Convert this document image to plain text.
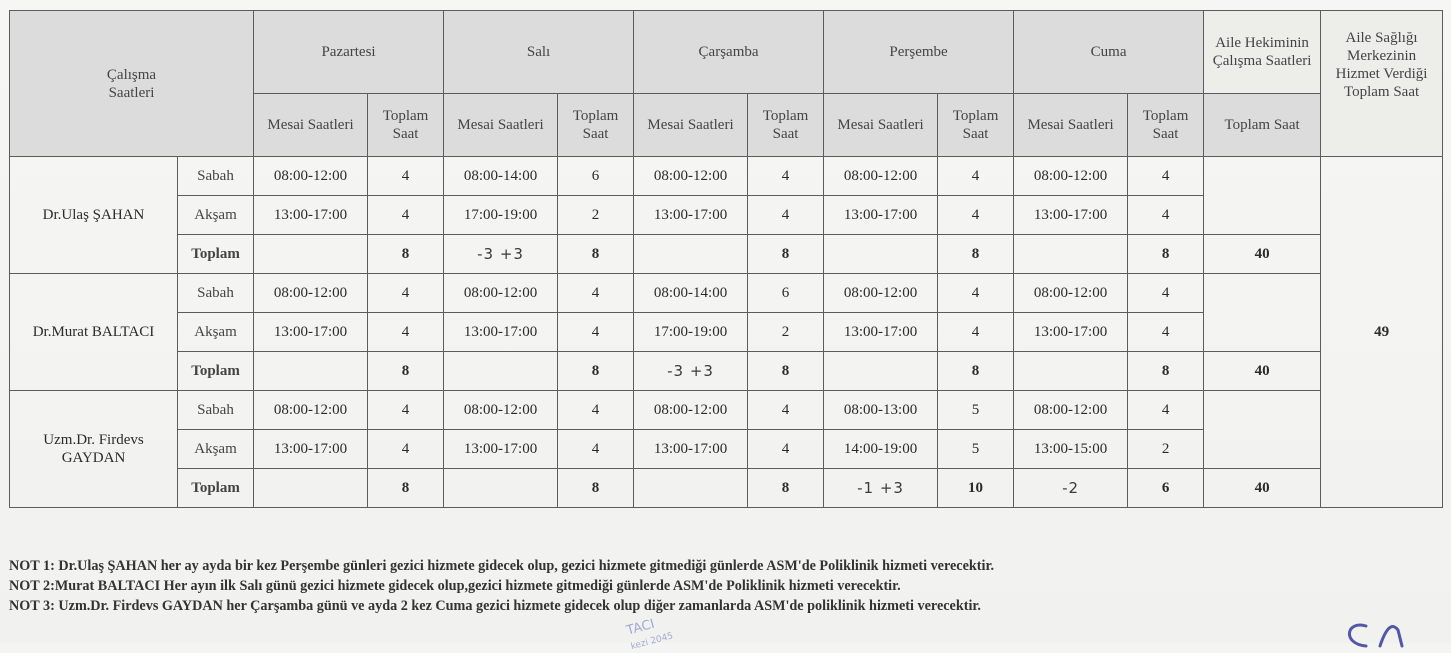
Çalışma
Saatleri		Pazartesi		Salı		Çarşamba		Perşembe		Cuma		Aile Hekiminin Çalışma Saatleri	Aile Sağlığı Merkezinin Hizmet Verdiği Toplam Saat
		Mesai Saatleri	Toplam Saat	Mesai Saatleri	Toplam Saat	Mesai Saatleri	Toplam Saat	Mesai Saatleri	Toplam Saat	Mesai Saatleri	Toplam Saat	Toplam Saat	
Dr.Ulaş ŞAHAN	Sabah	08:00-12:00	4	08:00-14:00	6	08:00-12:00	4	08:00-12:00	4	08:00-12:00	4		49
	Akşam	13:00-17:00	4	17:00-19:00	2	13:00-17:00	4	13:00-17:00	4	13:00-17:00	4		
	Toplam		8	-3 +3	8		8		8		8	40	
Dr.Murat BALTACI	Sabah	08:00-12:00	4	08:00-12:00	4	08:00-14:00	6	08:00-12:00	4	08:00-12:00	4		
	Akşam	13:00-17:00	4	13:00-17:00	4	17:00-19:00	2	13:00-17:00	4	13:00-17:00	4		
	Toplam		8		8	-3 +3	8		8		8	40	
Uzm.Dr. Firdevs GAYDAN	Sabah	08:00-12:00	4	08:00-12:00	4	08:00-12:00	4	08:00-13:00	5	08:00-12:00	4		
	Akşam	13:00-17:00	4	13:00-17:00	4	13:00-17:00	4	14:00-19:00	5	13:00-15:00	2		
	Toplam		8		8		8	-1 +3	10	-2	6	40	
NOT 1: Dr.Ulaş ŞAHAN her ay ayda bir kez Perşembe günleri gezici hizmete gidecek olup, gezici hizmete gitmediği günlerde ASM'de Poliklinik hizmeti verecektir.
NOT 2:Murat BALTACI Her ayın ilk Salı günü gezici hizmete gidecek olup,gezici hizmete gitmediği günlerde ASM'de Poliklinik hizmeti verecektir.
NOT 3: Uzm.Dr. Firdevs GAYDAN her Çarşamba günü ve ayda 2 kez Cuma gezici hizmete gidecek olup diğer zamanlarda ASM'de poliklinik hizmeti verecektir.
TACI
kezi 2045
